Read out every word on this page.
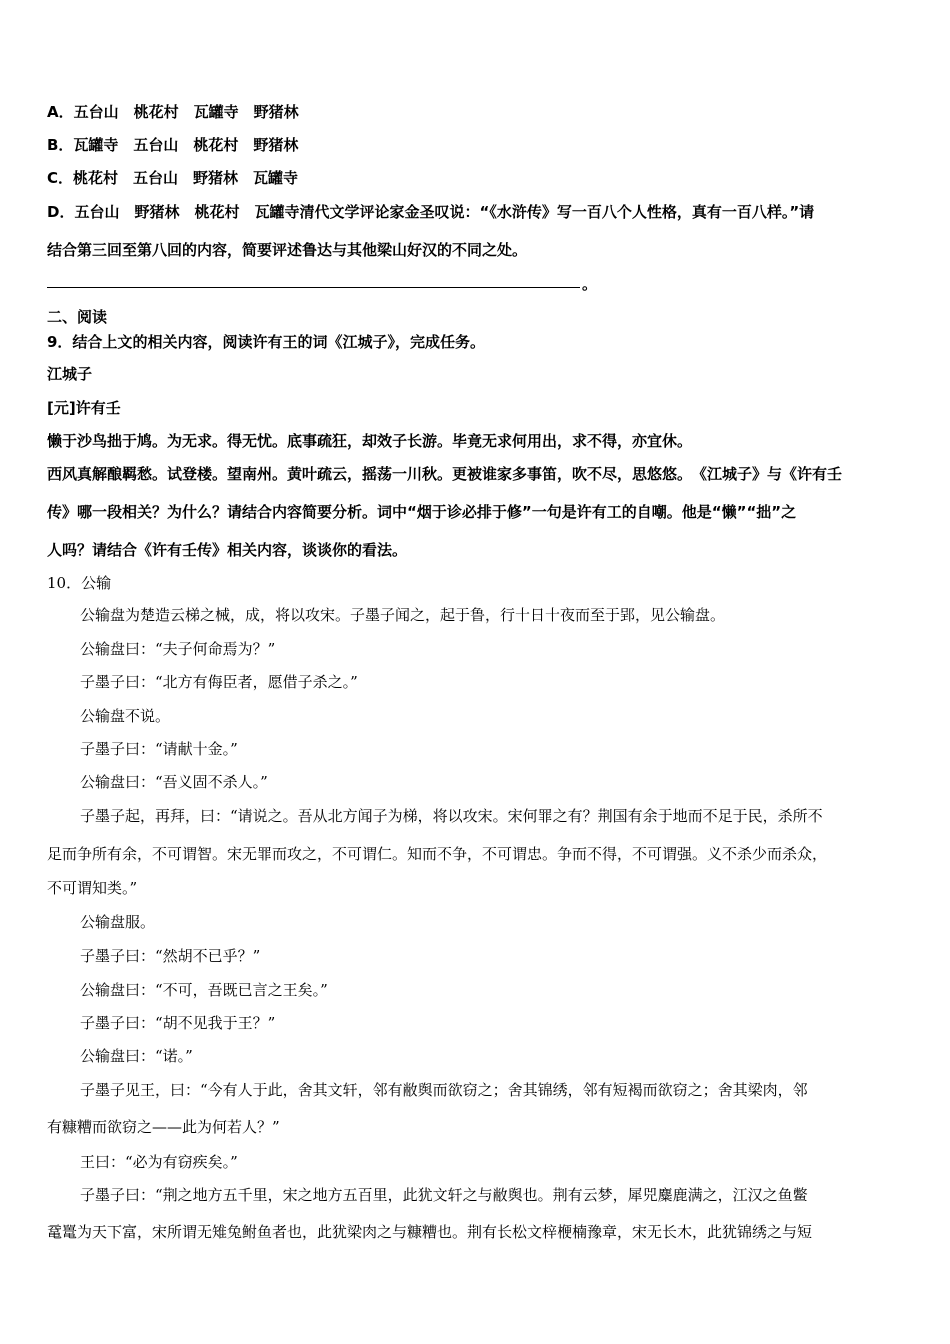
A．五台山　桃花村　瓦罐寺　野猪林
B．瓦罐寺　五台山　桃花村　野猪林
C．桃花村　五台山　野猪林　瓦罐寺
D．五台山　野猪林　桃花村　瓦罐寺清代文学评论家金圣叹说：“《水浒传》写一百八个人性格，真有一百八样。”请
结合第三回至第八回的内容，简要评述鲁达与其他梁山好汉的不同之处。
。
二、阅读
9．结合上文的相关内容，阅读许有王的词《江城子》，完成任务。
江城子
[元]许有壬
懒于沙鸟拙于鸠。为无求。得无忧。底事疏狂，却效子长游。毕竟无求何用出，求不得，亦宜休。
西风真解酿羁愁。试登楼。望南州。黄叶疏云，摇荡一川秋。更被谁家多事笛，吹不尽，思悠悠。　《江城子》与《许有壬
传》哪一段相关？为什么？请结合内容简要分析。词中“烟于诊必排于修”一句是许有工的自嘲。他是“懒”“拙”之
人吗？请结合《许有壬传》相关内容，谈谈你的看法。
10．公输
公输盘为楚造云梯之械，成，将以攻宋。子墨子闻之，起于鲁，行十日十夜而至于郢，见公输盘。
公输盘曰：“夫子何命焉为？”
子墨子曰：“北方有侮臣者，愿借子杀之。”
公输盘不说。
子墨子曰：“请献十金。”
公输盘曰：“吾义固不杀人。”
子墨子起，再拜，曰：“请说之。吾从北方闻子为梯，将以攻宋。宋何罪之有？荆国有余于地而不足于民，杀所不
足而争所有余，不可谓智。宋无罪而攻之，不可谓仁。知而不争，不可谓忠。争而不得，不可谓强。义不杀少而杀众，
不可谓知类。”
公输盘服。
子墨子曰：“然胡不已乎？”
公输盘曰：“不可，吾既已言之王矣。”
子墨子曰：“胡不见我于王？”
公输盘曰：“诺。”
子墨子见王，曰：“今有人于此，舍其文轩，邻有敝舆而欲窃之；舍其锦绣，邻有短褐而欲窃之；舍其梁肉，邻
有糠糟而欲窃之——此为何若人？”
王曰：“必为有窃疾矣。”
子墨子曰：“荆之地方五千里，宋之地方五百里，此犹文轩之与敝舆也。荆有云梦，犀兕麋鹿满之，江汉之鱼鳖
鼋鼍为天下富，宋所谓无雉兔鲋鱼者也，此犹梁肉之与糠糟也。荆有长松文梓楩楠豫章，宋无长木，此犹锦绣之与短
